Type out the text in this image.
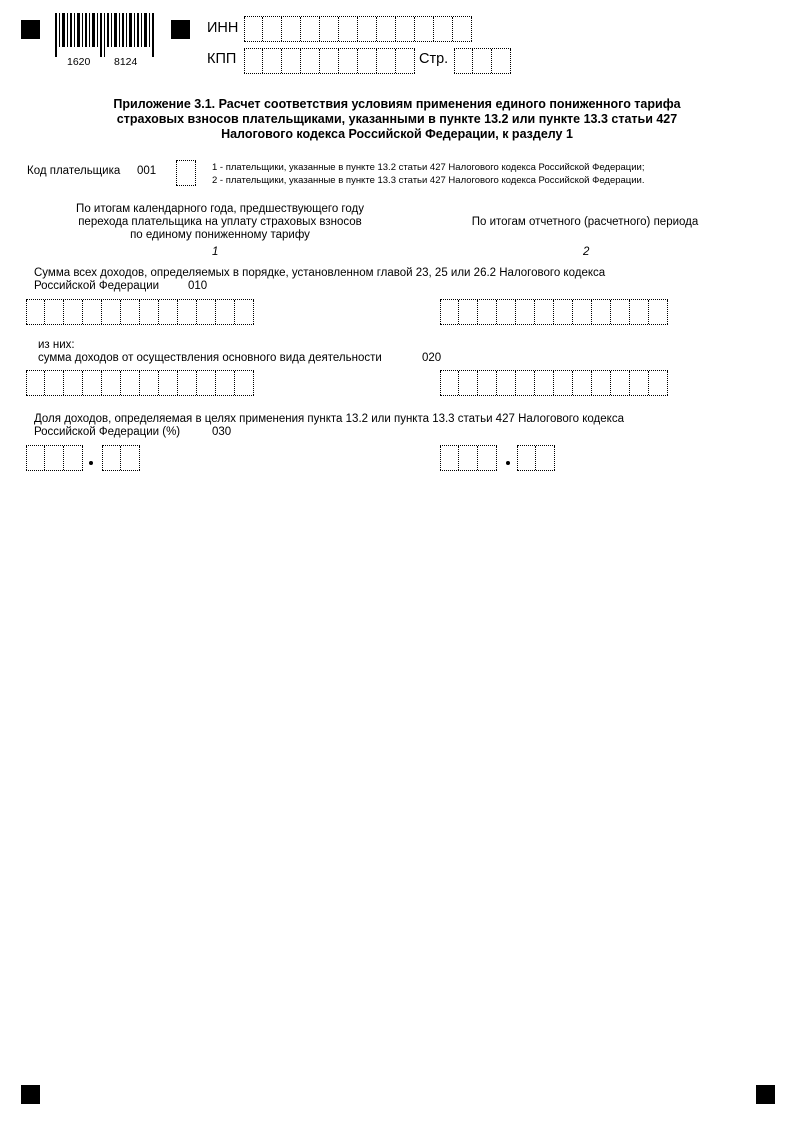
1620 8124
ИНН
КПП	Стр.
Приложение 3.1. Расчет соответствия условиям применения единого пониженного тарифа
страховых взносов плательщиками, указанными в пункте 13.2 или пункте 13.3 статьи 427
Налогового кодекса Российской Федерации, к разделу 1
Код плательщика 001	1 - плательщики, указанные в пункте 13.2 статьи 427 Налогового кодекса Российской Федерации;
2 - плательщики, указанные в пункте 13.3 статьи 427 Налогового кодекса Российской Федерации.
По итогам календарного года, предшествующего году
перехода плательщика на уплату страховых взносов
по единому пониженному тарифу
1
По итогам отчетного (расчетного) периода
2
Сумма всех доходов, определяемых в порядке, установленном главой 23, 25 или 26.2 Налогового кодекса
Российской Федерации	010
из них:
сумма доходов от осуществления основного вида деятельности	020
Доля доходов, определяемая в целях применения пункта 13.2 или пункта 13.3 статьи 427 Налогового кодекса
Российской Федерации (%)	030
